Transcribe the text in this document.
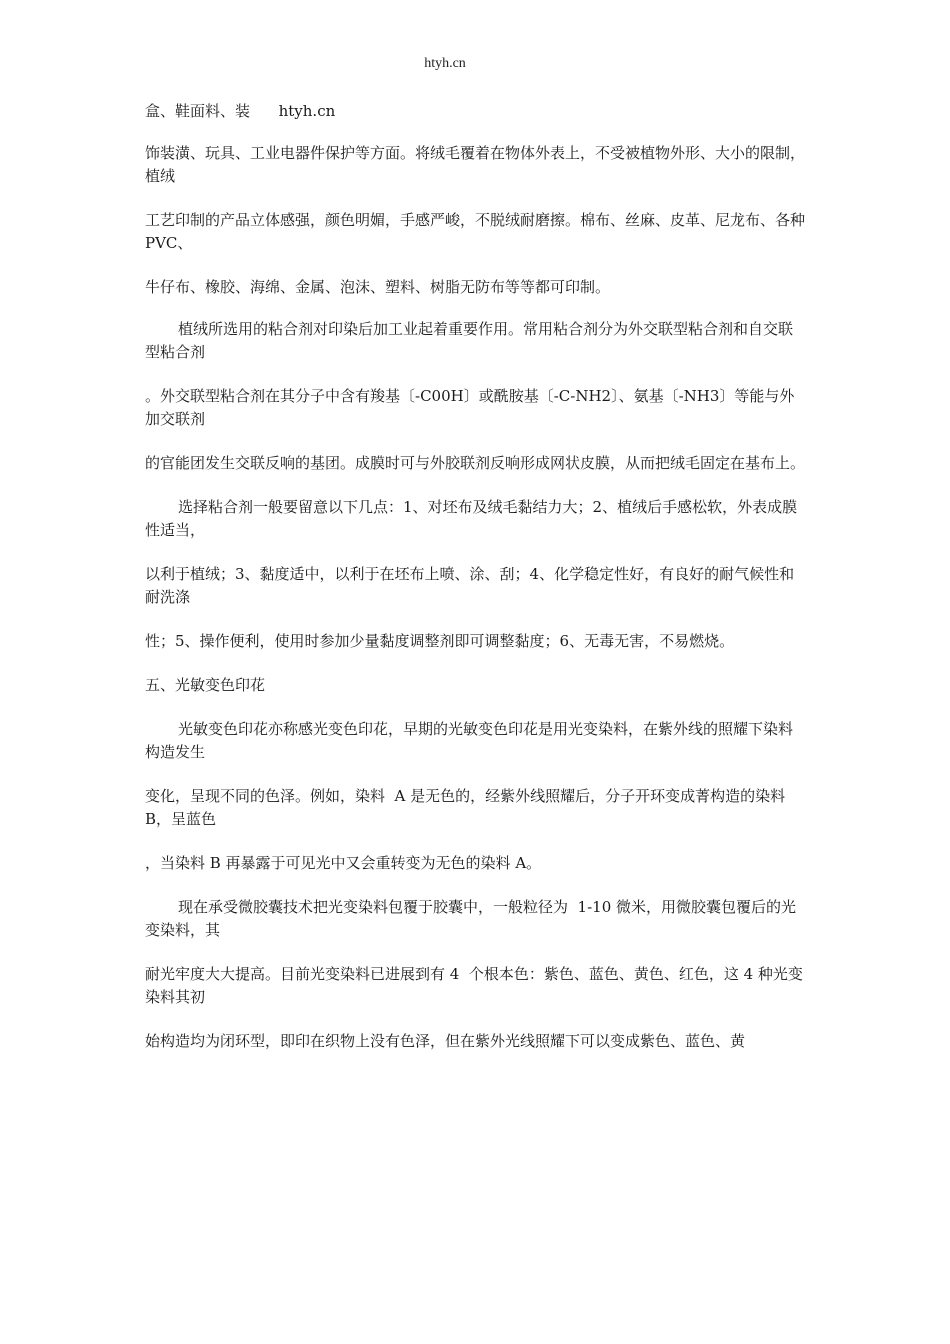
htyh.cn

盒、鞋面料、装      htyh.cn

饰装潢、玩具、工业电器件保护等方面。将绒毛覆着在物体外表上，不受被植物外形、大小的限制，植绒

工艺印制的产品立体感强，颜色明媚，手感严峻，不脱绒耐磨擦。棉布、丝麻、皮革、尼龙布、各种 PVC、

牛仔布、橡胶、海绵、金属、泡沫、塑料、树脂无防布等等都可印制。

植绒所选用的粘合剂对印染后加工业起着重要作用。常用粘合剂分为外交联型粘合剂和自交联型粘合剂

。外交联型粘合剂在其分子中含有羧基〔-C00H〕或酰胺基〔-C-NH2〕、氨基〔-NH3〕等能与外加交联剂

的官能团发生交联反响的基团。成膜时可与外胶联剂反响形成网状皮膜，从而把绒毛固定在基布上。

选择粘合剂一般要留意以下几点：1、对坯布及绒毛黏结力大；2、植绒后手感松软，外表成膜性适当，

以利于植绒；3、黏度适中，以利于在坯布上喷、涂、刮；4、化学稳定性好，有良好的耐气候性和耐洗涤

性；5、操作便利，使用时参加少量黏度调整剂即可调整黏度；6、无毒无害，不易燃烧。

五、光敏变色印花

光敏变色印花亦称感光变色印花，早期的光敏变色印花是用光变染料，在紫外线的照耀下染料构造发生

变化，呈现不同的色泽。例如，染料  A 是无色的，经紫外线照耀后，分子开环变成菁构造的染料 B，呈蓝色

，当染料 B 再暴露于可见光中又会重转变为无色的染料 A。

现在承受微胶囊技术把光变染料包覆于胶囊中，一般粒径为  1-10 微米，用微胶囊包覆后的光变染料，其

耐光牢度大大提高。目前光变染料已进展到有 4  个根本色：紫色、蓝色、黄色、红色，这 4 种光变染料其初

始构造均为闭环型，即印在织物上没有色泽，但在紫外光线照耀下可以变成紫色、蓝色、黄
